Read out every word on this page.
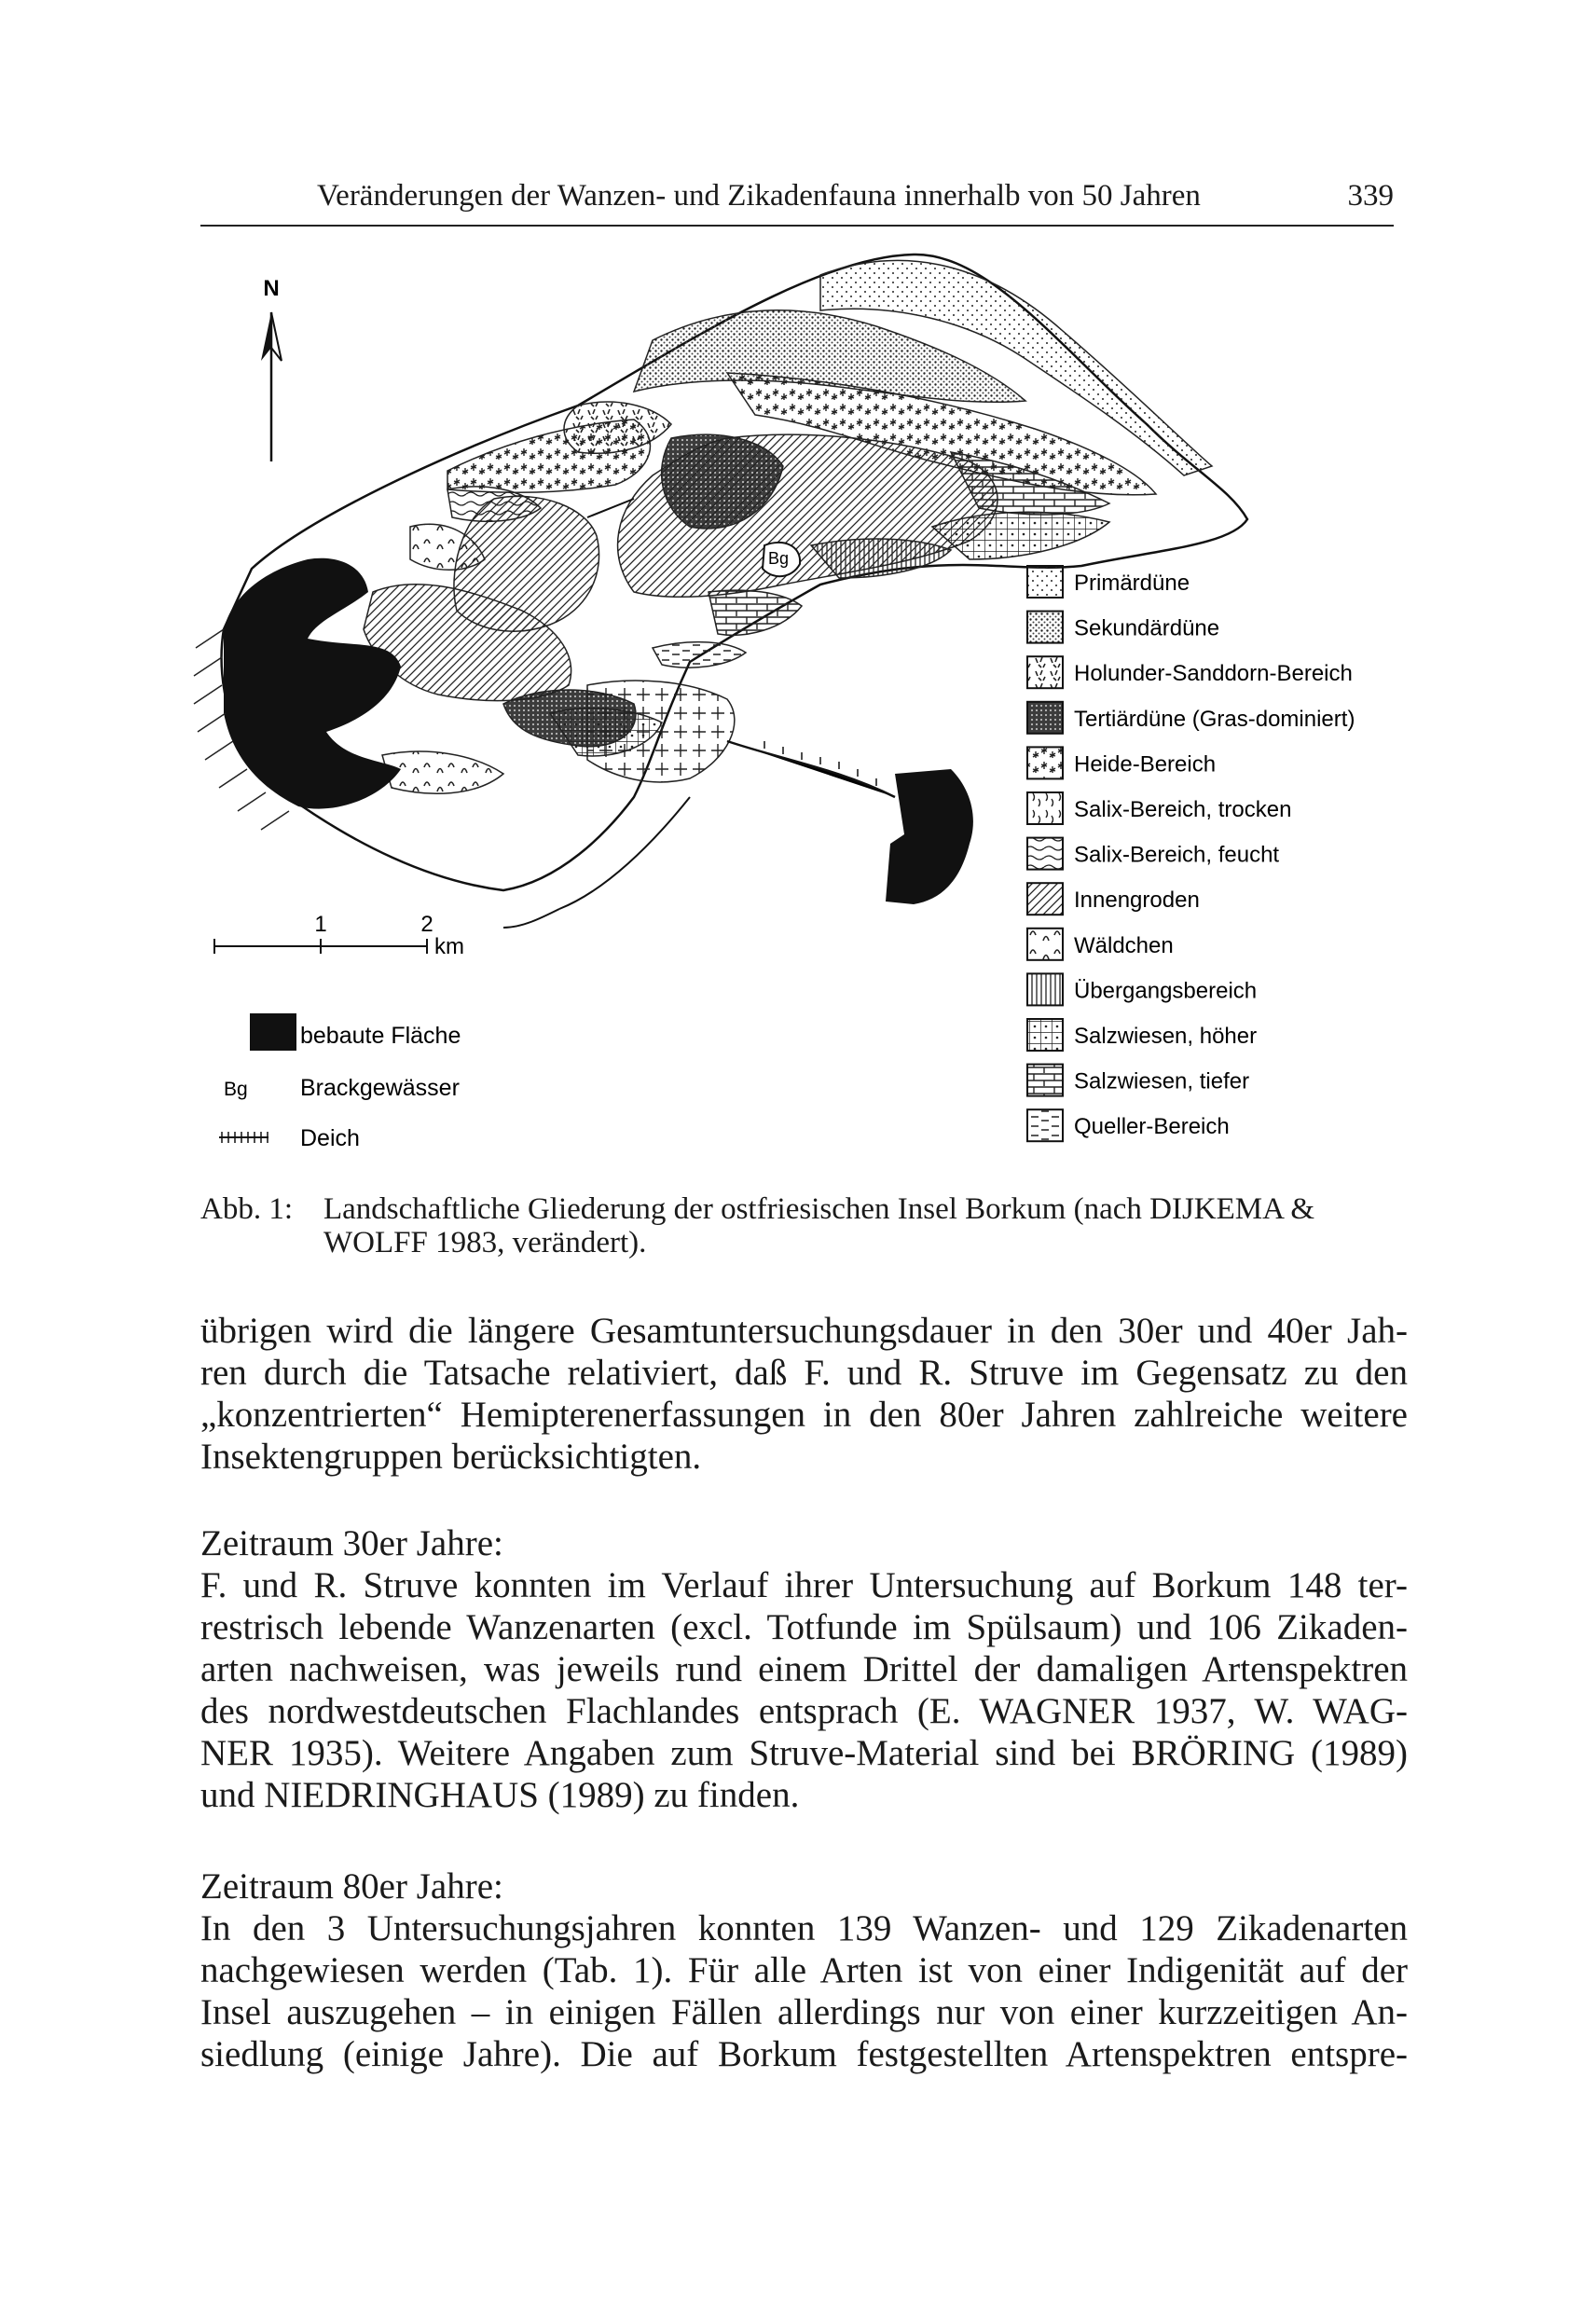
Veränderungen der Wanzen- und Zikadenfauna innerhalb von 50 Jahren	339
N
Bg
1	2
km
bebaute Fläche
Bg Brackgewässer
Deich
Primärdüne
Sekundärdüne
Holunder-Sanddorn-Bereich
Tertiärdüne (Gras-dominiert)
Heide-Bereich
Salix-Bereich, trocken
Salix-Bereich, feucht
Innengroden
Wäldchen
Übergangsbereich
Salzwiesen, höher
Salzwiesen, tiefer
Queller-Bereich
Abb. 1: Landschaftliche Gliederung der ostfriesischen Insel Borkum (nach DIJKEMA &
WOLFF 1983, verändert).
übrigen wird die längere Gesamtuntersuchungsdauer in den 30er und 40er Jah-
ren durch die Tatsache relativiert, daß F. und R. Struve im Gegensatz zu den
„konzentrierten“ Hemipterenerfassungen in den 80er Jahren zahlreiche weitere
Insektengruppen berücksichtigten.
Zeitraum 30er Jahre:
F. und R. Struve konnten im Verlauf ihrer Untersuchung auf Borkum 148 ter-
restrisch lebende Wanzenarten (excl. Totfunde im Spülsaum) und 106 Zikaden-
arten nachweisen, was jeweils rund einem Drittel der damaligen Artenspektren
des nordwestdeutschen Flachlandes entsprach (E. WAGNER 1937, W. WAG-
NER 1935). Weitere Angaben zum Struve-Material sind bei BRÖRING (1989)
und NIEDRINGHAUS (1989) zu finden.
Zeitraum 80er Jahre:
In den 3 Untersuchungsjahren konnten 139 Wanzen- und 129 Zikadenarten
nachgewiesen werden (Tab. 1). Für alle Arten ist von einer Indigenität auf der
Insel auszugehen – in einigen Fällen allerdings nur von einer kurzzeitigen An-
siedlung (einige Jahre). Die auf Borkum festgestellten Artenspektren entspre-
